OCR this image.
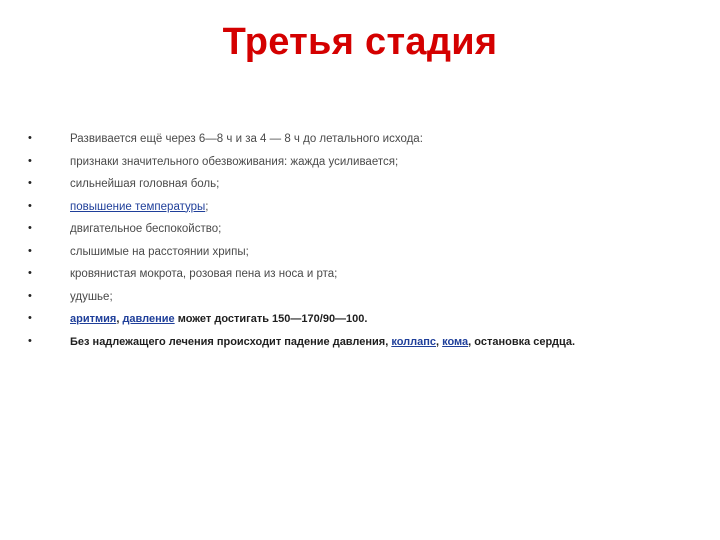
Третья стадия
•	Развивается ещё через 6—8 ч и за 4 — 8 ч до летального исхода:
•	признаки значительного обезвоживания: жажда усиливается;
•	сильнейшая головная боль;
•	повышение температуры;
•	двигательное беспокойство;
•	слышимые на расстоянии хрипы;
•	кровянистая мокрота, розовая пена из носа и рта;
•	удушье;
•	аритмия, давление может достигать 150—170/90—100.
•	Без надлежащего лечения происходит падение давления, коллапс, кома, остановка сердца.
